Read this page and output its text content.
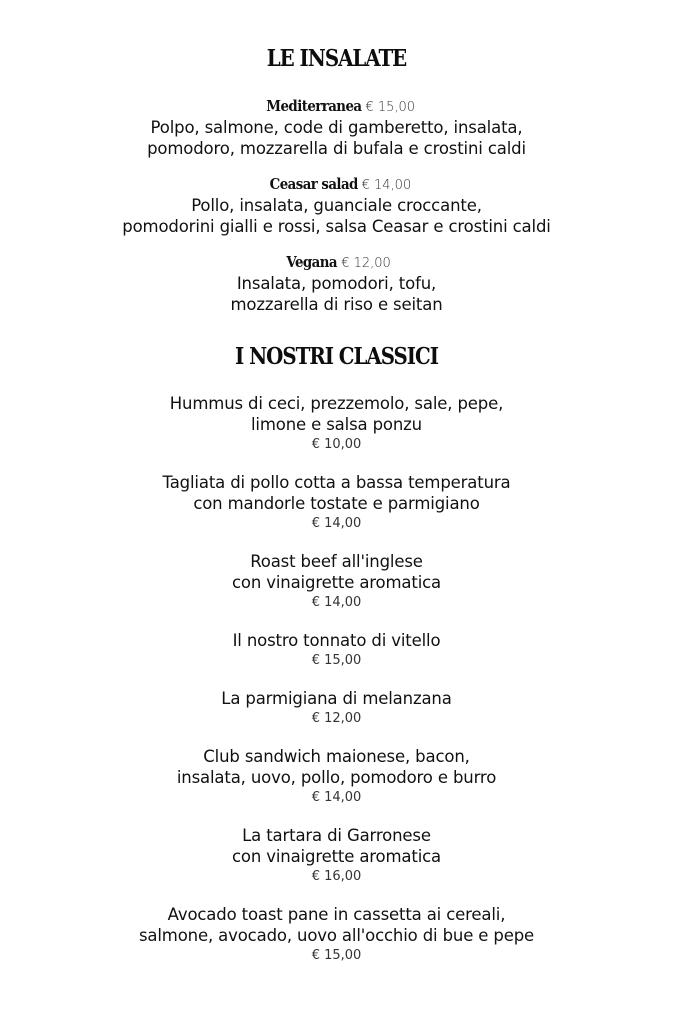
LE INSALATE
Mediterranea € 15,00
Polpo, salmone, code di gamberetto, insalata,
pomodoro, mozzarella di bufala e crostini caldi
Ceasar salad € 14,00
Pollo, insalata, guanciale croccante,
pomodorini gialli e rossi, salsa Ceasar e crostini caldi
Vegana € 12,00
Insalata, pomodori, tofu,
mozzarella di riso e seitan
I NOSTRI CLASSICI
Hummus di ceci, prezzemolo, sale, pepe,
limone e salsa ponzu
€ 10,00
Tagliata di pollo cotta a bassa temperatura
con mandorle tostate e parmigiano
€ 14,00
Roast beef all'inglese
con vinaigrette aromatica
€ 14,00
Il nostro tonnato di vitello
€ 15,00
La parmigiana di melanzana
€ 12,00
Club sandwich maionese, bacon,
insalata, uovo, pollo, pomodoro e burro
€ 14,00
La tartara di Garronese
con vinaigrette aromatica
€ 16,00
Avocado toast pane in cassetta ai cereali,
salmone, avocado, uovo all'occhio di bue e pepe
€ 15,00
